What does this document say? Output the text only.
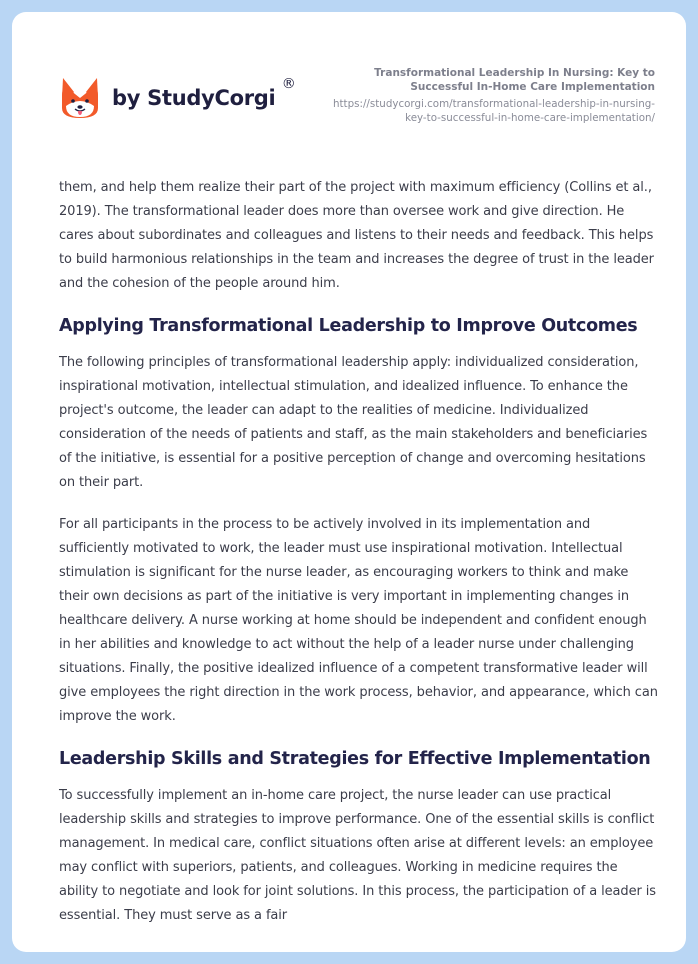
by StudyCorgi
®
Transformational Leadership In Nursing: Key to Successful In-Home Care Implementation
https://studycorgi.com/transformational-leadership-in-nursing-key-to-successful-in-home-care-implementation/

them, and help them realize their part of the project with maximum efficiency (Collins et al., 2019). The transformational leader does more than oversee work and give direction. He cares about subordinates and colleagues and listens to their needs and feedback. This helps to build harmonious relationships in the team and increases the degree of trust in the leader and the cohesion of the people around him.

Applying Transformational Leadership to Improve Outcomes

The following principles of transformational leadership apply: individualized consideration, inspirational motivation, intellectual stimulation, and idealized influence. To enhance the project's outcome, the leader can adapt to the realities of medicine. Individualized consideration of the needs of patients and staff, as the main stakeholders and beneficiaries of the initiative, is essential for a positive perception of change and overcoming hesitations on their part.

For all participants in the process to be actively involved in its implementation and sufficiently motivated to work, the leader must use inspirational motivation. Intellectual stimulation is significant for the nurse leader, as encouraging workers to think and make their own decisions as part of the initiative is very important in implementing changes in healthcare delivery. A nurse working at home should be independent and confident enough in her abilities and knowledge to act without the help of a leader nurse under challenging situations. Finally, the positive idealized influence of a competent transformative leader will give employees the right direction in the work process, behavior, and appearance, which can improve the work.

Leadership Skills and Strategies for Effective Implementation

To successfully implement an in-home care project, the nurse leader can use practical leadership skills and strategies to improve performance. One of the essential skills is conflict management. In medical care, conflict situations often arise at different levels: an employee may conflict with superiors, patients, and colleagues. Working in medicine requires the ability to negotiate and look for joint solutions. In this process, the participation of a leader is essential. They must serve as a fair
